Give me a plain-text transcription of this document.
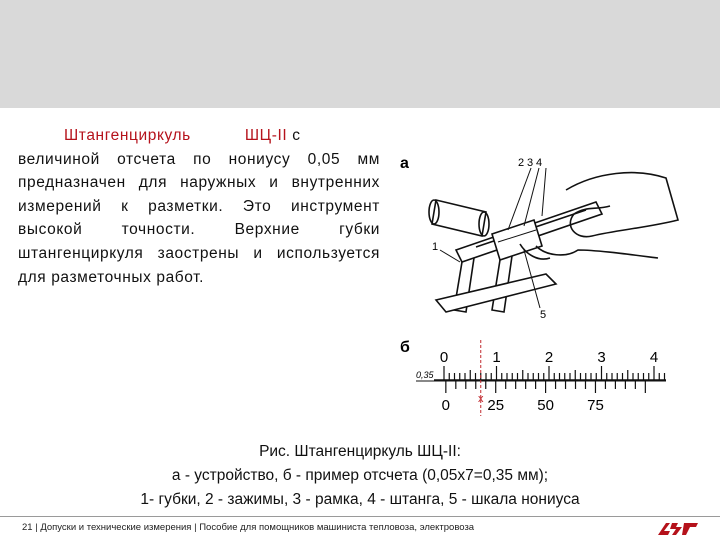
Штангенциркуль	ШЦ-II с
величиной отсчета по нониусу 0,05 мм предназначен для наружных и внутренних измерений к разметки. Это инструмент высокой точности. Верхние губки штангенциркуля заострены и используется для разметочных работ.
а	2 3 4
1
5
б
0	1	2	3	4
0 25 50 75
0,35
x
Рис. Штангенциркуль ШЦ-II:
а - устройство, б - пример отсчета (0,05х7=0,35 мм);
1- губки, 2 - зажимы, 3 - рамка, 4 - штанга, 5 - шкала нониуса
21 | Допуски и технические измерения | Пособие для помощников машиниста тепловоза, электровоза
